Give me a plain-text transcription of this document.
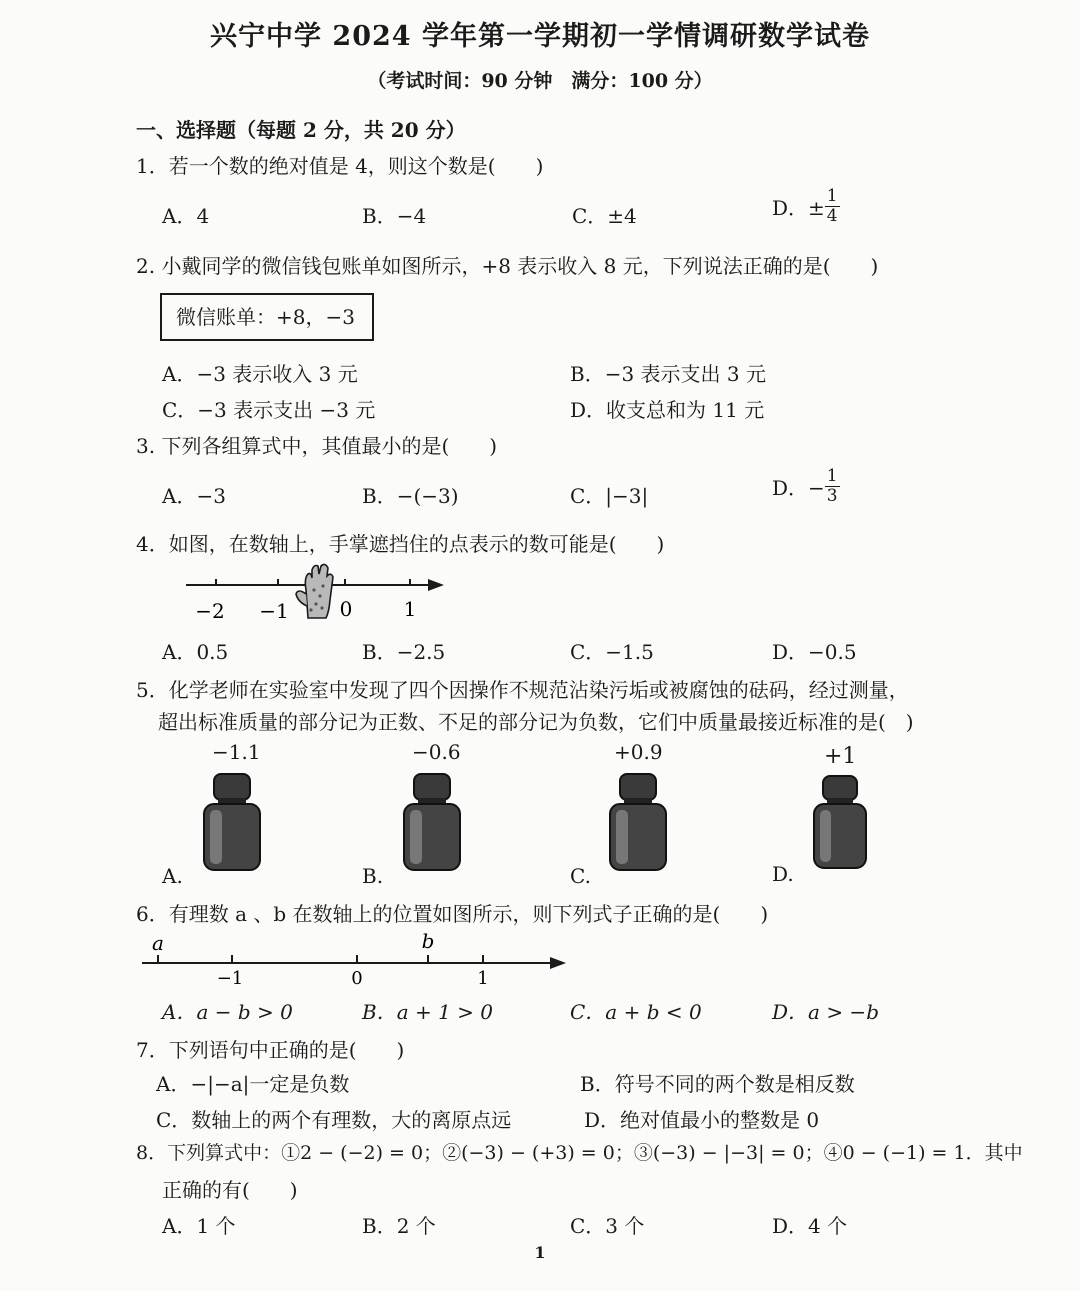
兴宁中学 2024 学年第一学期初一学情调研数学试卷
（考试时间：90 分钟　满分：100 分）
一、选择题（每题 2 分，共 20 分）
1．若一个数的绝对值是 4，则这个数是(　　)
A．4	B．−4	C．±4	D．± $\frac{1}{4}$
2. 小戴同学的微信钱包账单如图所示，+8 表示收入 8 元，下列说法正确的是(　　)
微信账单：+8，−3
A．−3 表示收入 3 元	B．−3 表示支出 3 元
C．−3 表示支出 −3 元	D．收支总和为 11 元
3. 下列各组算式中，其值最小的是(　　)
A．−3	B．−(−3)	C．|−3|	D．− $\frac{1}{3}$
4．如图，在数轴上，手掌遮挡住的点表示的数可能是(　　)
−2 −1	0	1
A．0.5	B．−2.5	C．−1.5	D．−0.5
5．化学老师在实验室中发现了四个因操作不规范沾染污垢或被腐蚀的砝码，经过测量，
超出标准质量的部分记为正数、不足的部分记为负数，它们中质量最接近标准的是(　)
−1.1	−0.6	+0.9	+1
A.	B.	C.	D.
6．有理数 a 、b 在数轴上的位置如图所示，则下列式子正确的是(　　)
a	b
−1	0	1
A．a − b > 0	B．a + 1 > 0	C．a + b < 0	D．a > −b
7．下列语句中正确的是(　　)
A．−|−a|一定是负数	B．符号不同的两个数是相反数
C．数轴上的两个有理数，大的离原点远	D．绝对值最小的整数是 0
8．下列算式中：①2 − (−2) = 0；②(−3) − (+3) = 0；③(−3) − |−3| = 0；④0 − (−1) = 1．其中
正确的有(　　)
A．1 个	B．2 个	C．3 个	D．4 个
1
